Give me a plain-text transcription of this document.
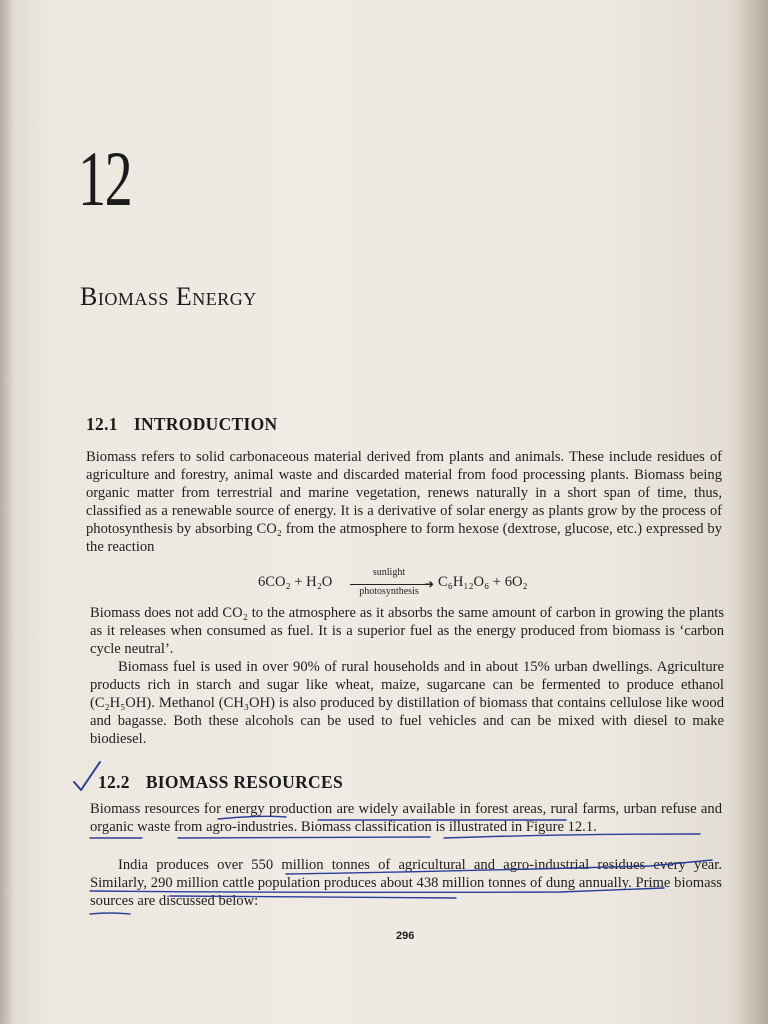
12
Biomass Energy
12.1 INTRODUCTION

Biomass refers to solid carbonaceous material derived from plants and animals. These include residues of agriculture and forestry, animal waste and discarded material from food processing plants. Biomass being organic matter from terrestrial and marine vegetation, renews naturally in a short span of time, thus, classified as a renewable source of energy. It is a derivative of solar energy as plants grow by the process of photosynthesis by absorbing CO₂ from the atmosphere to form hexose (dextrose, glucose, etc.) expressed by the reaction

6CO₂ + H₂O
sunlight
➜
photosynthesis
C₆H₁₂O₆ + 6O₂

Biomass does not add CO₂ to the atmosphere as it absorbs the same amount of carbon in growing the plants as it releases when consumed as fuel. It is a superior fuel as the energy produced from biomass is ‘carbon cycle neutral’.

Biomass fuel is used in over 90% of rural households and in about 15% urban dwellings. Agriculture products rich in starch and sugar like wheat, maize, sugarcane can be fermented to produce ethanol (C₂H₅OH). Methanol (CH₃OH) is also produced by distillation of biomass that contains cellulose like wood and bagasse. Both these alcohols can be used to fuel vehicles and can be mixed with diesel to make biodiesel.

12.2 BIOMASS RESOURCES

Biomass resources for energy production are widely available in forest areas, rural farms, urban refuse and organic waste from agro-industries. Biomass classification is illustrated in Figure 12.1.

India produces over 550 million tonnes of agricultural and agro-industrial residues every year. Similarly, 290 million cattle population produces about 438 million tonnes of dung annually. Prime biomass sources are discussed below:

296
